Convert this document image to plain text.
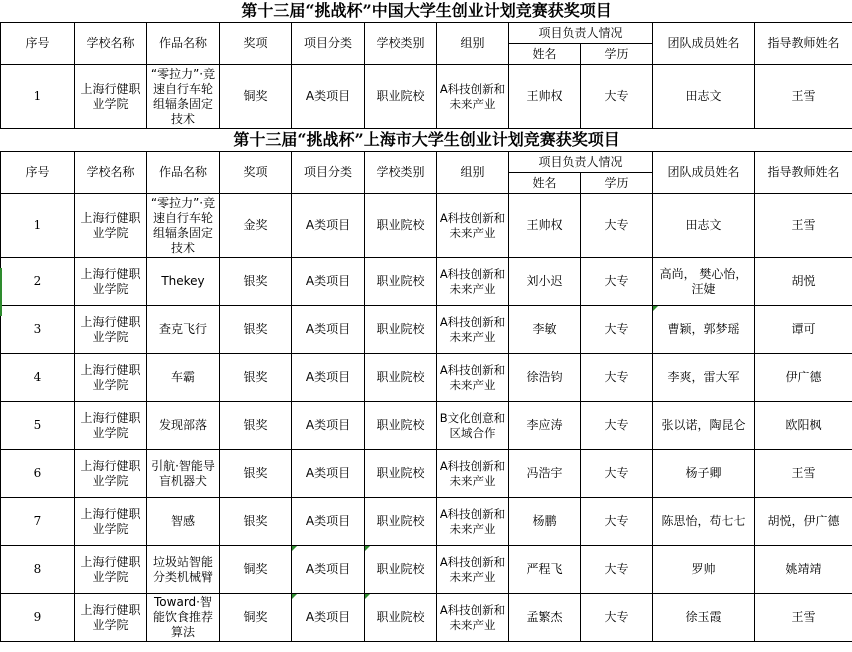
第十三届“挑战杯”中国大学生创业计划竞赛获奖项目										
序号	学校名称	作品名称	奖项	项目分类	学校类别	组别	项目负责人情况		团队成员姓名	指导教师姓名
							姓名	学历		
1	上海行健职业学院	“零拉力”·竞速自行车轮组辐条固定技术	铜奖	A类项目	职业院校	A科技创新和未来产业	王帅权	大专	田志文	王雪
第十三届“挑战杯”上海市大学生创业计划竞赛获奖项目										
序号	学校名称	作品名称	奖项	项目分类	学校类别	组别	项目负责人情况		团队成员姓名	指导教师姓名
							姓名	学历		
1	上海行健职业学院	“零拉力”·竞速自行车轮组辐条固定技术	金奖	A类项目	职业院校	A科技创新和未来产业	王帅权	大专	田志文	王雪
2	上海行健职业学院	Thekey	银奖	A类项目	职业院校	A科技创新和未来产业	刘小迟	大专	高尚， 樊心怡，汪婕	胡悦
3	上海行健职业学院	查克飞行	银奖	A类项目	职业院校	A科技创新和未来产业	李敏	大专	曹颖，郭梦瑶	谭可
4	上海行健职业学院	车霸	银奖	A类项目	职业院校	A科技创新和未来产业	徐浩钧	大专	李爽，雷大军	伊广德
5	上海行健职业学院	发现部落	银奖	A类项目	职业院校	B文化创意和区域合作	李应涛	大专	张以诺，陶昆仑	欧阳枫
6	上海行健职业学院	引航·智能导盲机器犬	银奖	A类项目	职业院校	A科技创新和未来产业	冯浩宇	大专	杨子卿	王雪
7	上海行健职业学院	智感	银奖	A类项目	职业院校	A科技创新和未来产业	杨鹏	大专	陈思怡，苟七七	胡悦，伊广德
8	上海行健职业学院	垃圾站智能分类机械臂	铜奖	A类项目	职业院校	A科技创新和未来产业	严程飞	大专	罗帅	姚靖靖
9	上海行健职业学院	Toward·智能饮食推荐算法	铜奖	A类项目	职业院校	A科技创新和未来产业	孟繁杰	大专	徐玉霞	王雪
